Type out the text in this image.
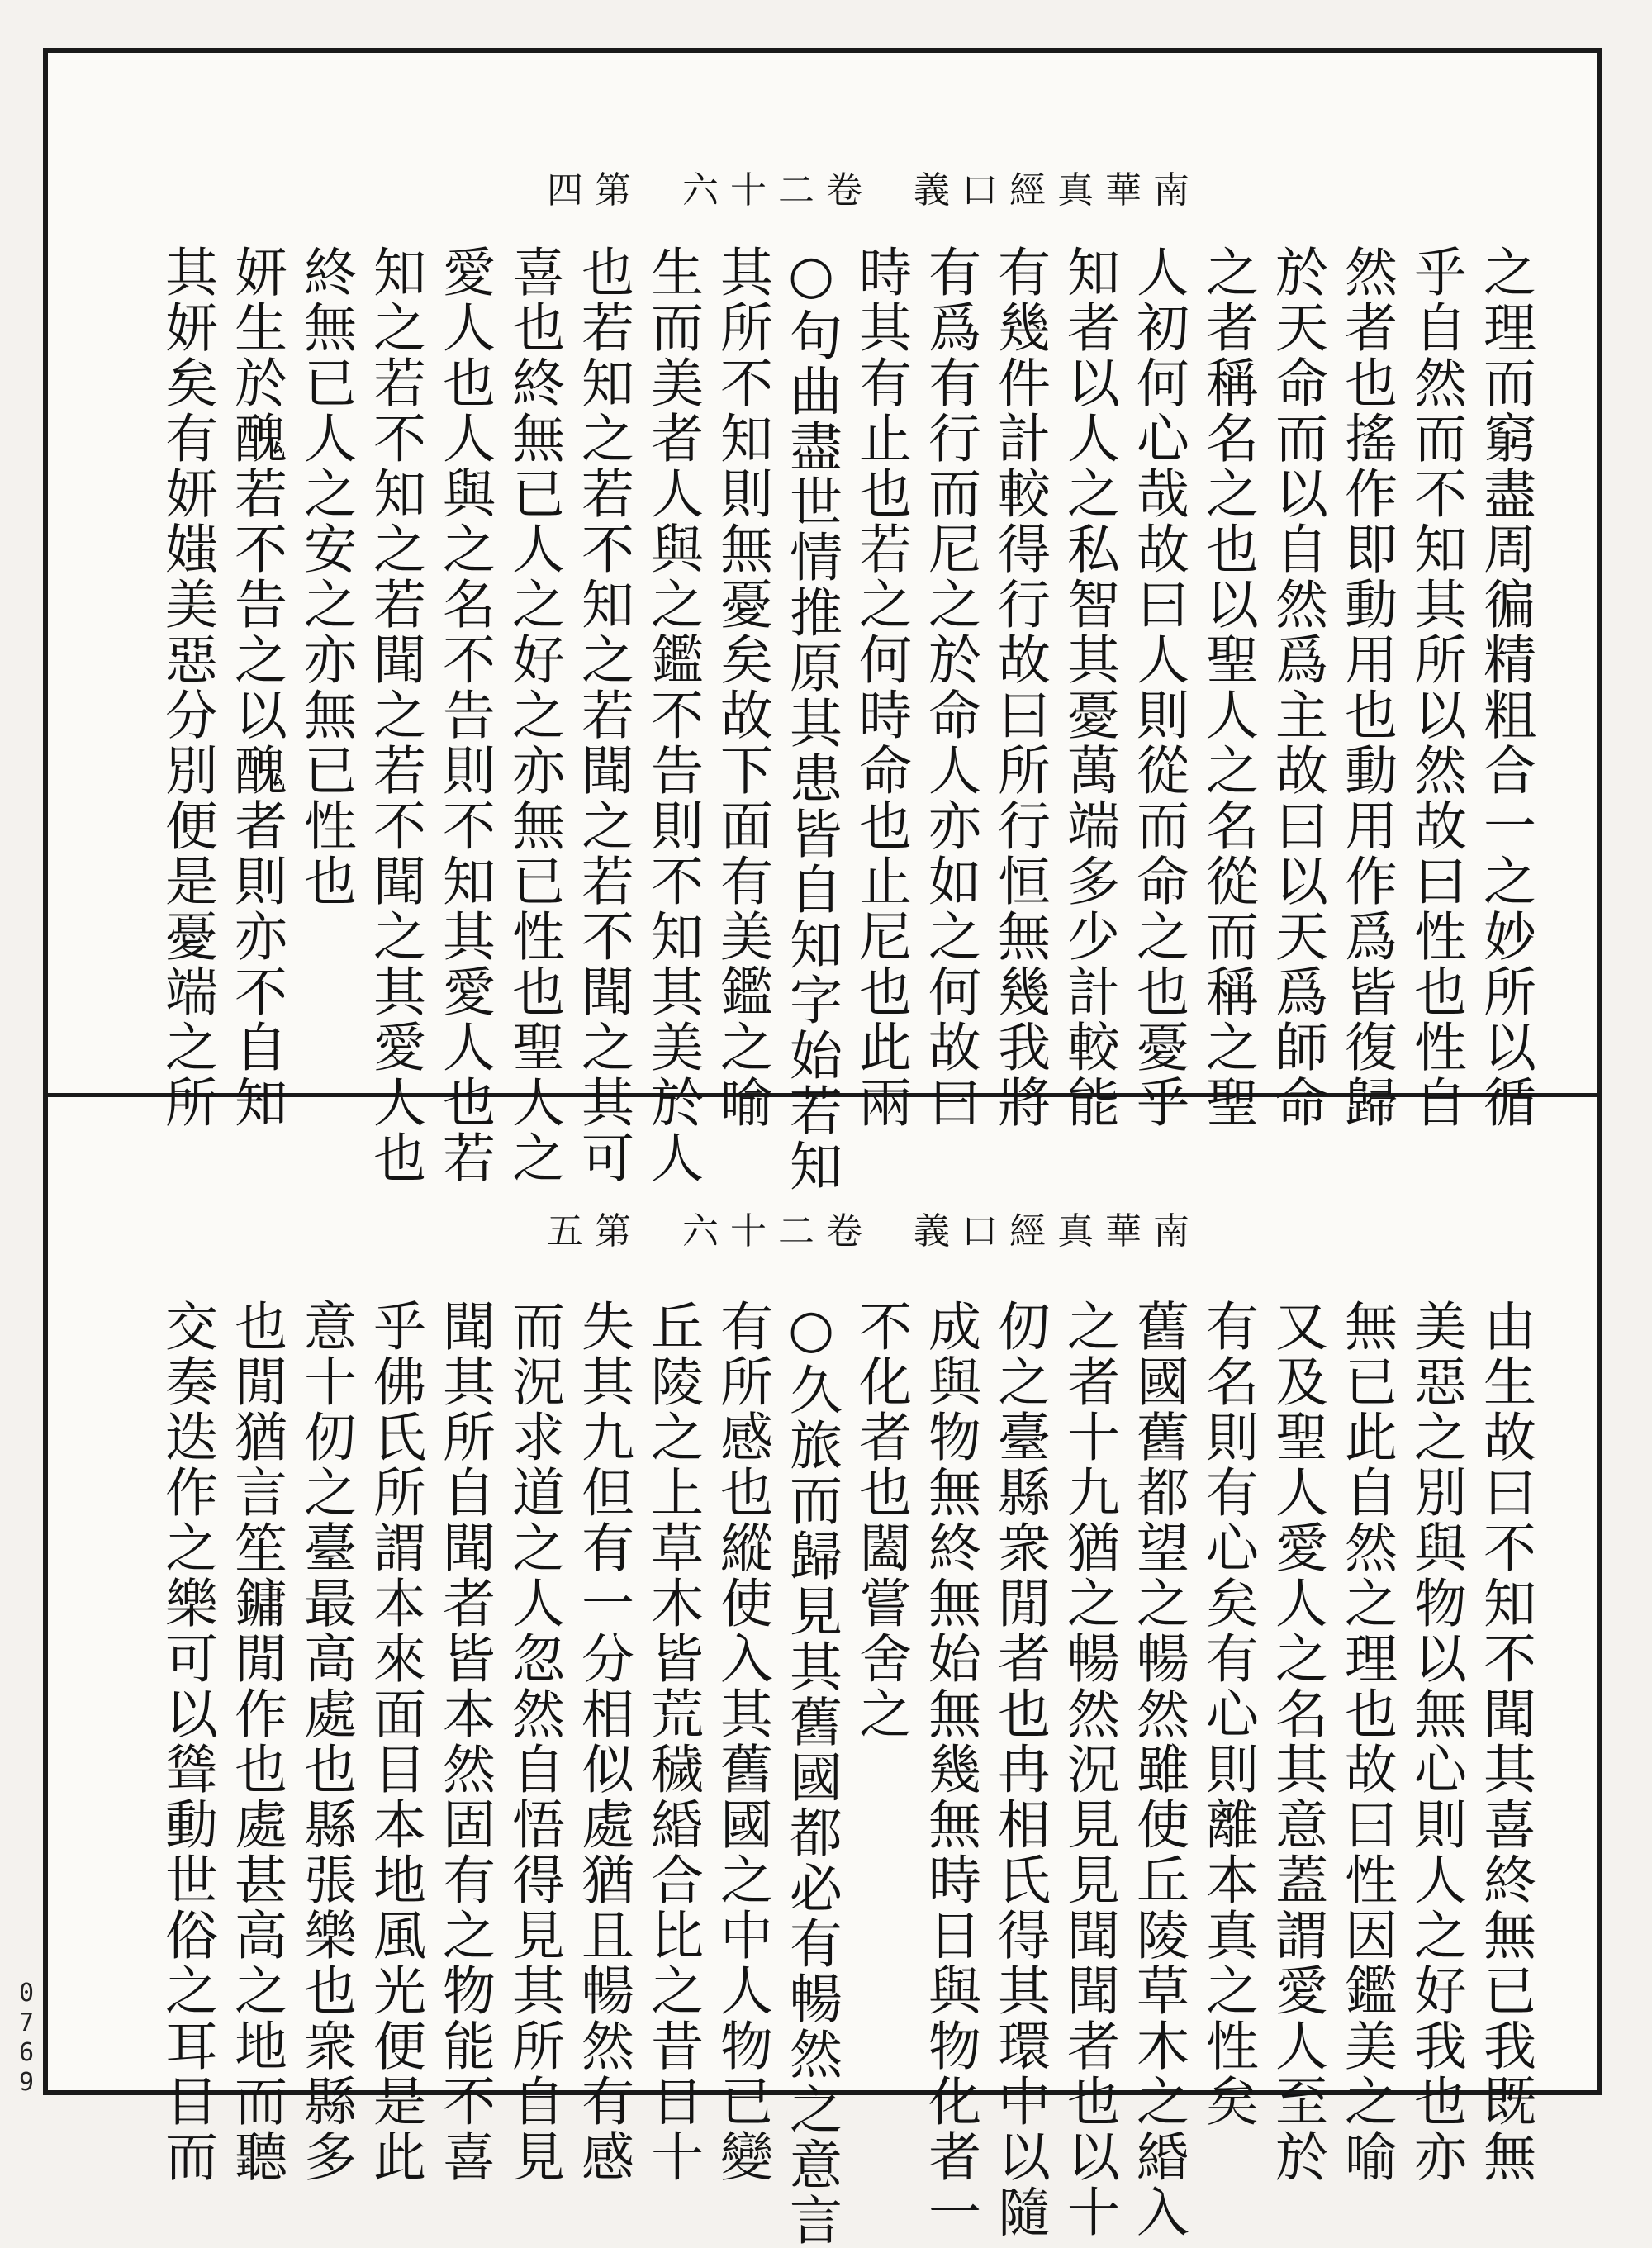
南華真經口義 卷二十六 第四
之理而窮盡周徧精粗合一之妙所以循
乎自然而不知其所以然故曰性也性自
然者也搖作即動用也動用作爲皆復歸
於天命而以自然爲主故曰以天爲師命
之者稱名之也以聖人之名從而稱之聖
人初何心哉故曰人則從而命之也憂乎
知者以人之私智其憂萬端多少計較能
有幾件計較得行故曰所行恒無幾我將
有爲有行而尼之於命人亦如之何故曰
時其有止也若之何時命也止尼也此兩
○句曲盡世情推原其患皆自知字始若知
其所不知則無憂矣故下面有美鑑之喻
生而美者人與之鑑不告則不知其美於人
也若知之若不知之若聞之若不聞之其可
喜也終無已人之好之亦無已性也聖人之
愛人也人與之名不告則不知其愛人也若
知之若不知之若聞之若不聞之其愛人也
終無已人之安之亦無已性也
妍生於醜若不告之以醜者則亦不自知
其妍矣有妍媸美惡分別便是憂端之所
南華真經口義 卷二十六 第五
由生故曰不知不聞其喜終無已我既無
美惡之別與物以無心則人之好我也亦
無已此自然之理也故曰性因鑑美之喻
又及聖人愛人之名其意蓋謂愛人至於
有名則有心矣有心則離本真之性矣
舊國舊都望之暢然雖使丘陵草木之緍入
之者十九猶之暢然況見見聞聞者也以十
仞之臺縣衆閒者也冉相氏得其環中以隨
成與物無終無始無幾無時日與物化者一
不化者也闔嘗舍之
○久旅而歸見其舊國都必有暢然之意言
有所感也縱使入其舊國之中人物已變
丘陵之上草木皆荒穢緍合比之昔日十
失其九但有一分相似處猶且暢然有感
而況求道之人忽然自悟得見其所自見
聞其所自聞者皆本然固有之物能不喜
乎佛氏所謂本來面目本地風光便是此
意十仞之臺最高處也縣張樂也衆縣多
也閒猶言笙鏞閒作也處甚高之地而聽
交奏迭作之樂可以聳動世俗之耳目而
0
7
6
9
